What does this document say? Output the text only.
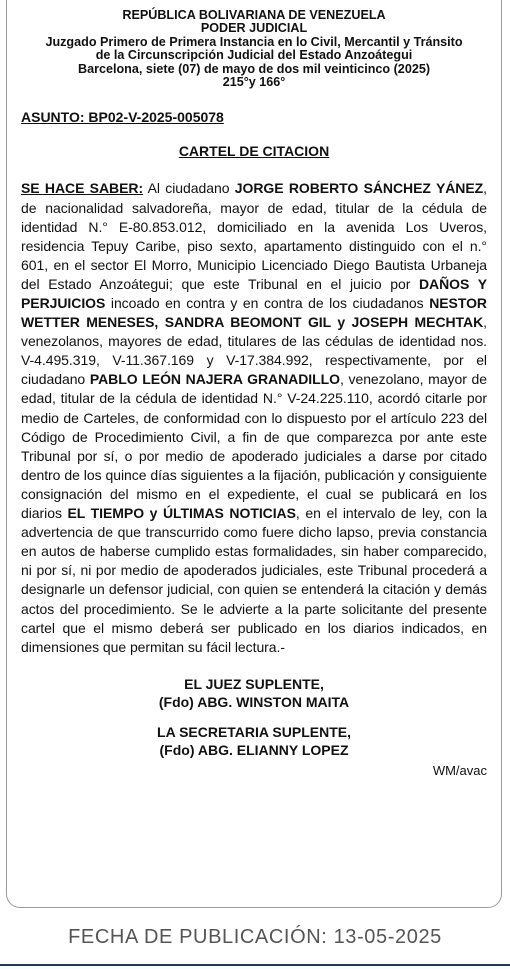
REPÚBLICA BOLIVARIANA DE VENEZUELA
PODER JUDICIAL
Juzgado Primero de Primera Instancia en lo Civil, Mercantil y Tránsito
de la Circunscripción Judicial del Estado Anzoátegui
Barcelona, siete (07) de mayo de dos mil veinticinco (2025)
215°y 166°
ASUNTO: BP02-V-2025-005078
CARTEL DE CITACION
SE HACE SABER: Al ciudadano JORGE ROBERTO SÁNCHEZ YÁNEZ, de nacionalidad salvadoreña, mayor de edad, titular de la cédula de identidad N.° E-80.853.012, domiciliado en la avenida Los Uveros, residencia Tepuy Caribe, piso sexto, apartamento distinguido con el n.° 601, en el sector El Morro, Municipio Licenciado Diego Bautista Urbaneja del Estado Anzoátegui; que este Tribunal en el juicio por DAÑOS Y PERJUICIOS incoado en contra y en contra de los ciudadanos NESTOR WETTER MENESES, SANDRA BEOMONT GIL y JOSEPH MECHTAK, venezolanos, mayores de edad, titulares de las cédulas de identidad nos. V-4.495.319, V-11.367.169 y V-17.384.992, respectivamente, por el ciudadano PABLO LEÓN NAJERA GRANADILLO, venezolano, mayor de edad, titular de la cédula de identidad N.° V-24.225.110, acordó citarle por medio de Carteles, de conformidad con lo dispuesto por el artículo 223 del Código de Procedimiento Civil, a fin de que comparezca por ante este Tribunal por sí, o por medio de apoderado judiciales a darse por citado dentro de los quince días siguientes a la fijación, publicación y consiguiente consignación del mismo en el expediente, el cual se publicará en los diarios EL TIEMPO y ÚLTIMAS NOTICIAS, en el intervalo de ley, con la advertencia de que transcurrido como fuere dicho lapso, previa constancia en autos de haberse cumplido estas formalidades, sin haber comparecido, ni por sí, ni por medio de apoderados judiciales, este Tribunal procederá a designarle un defensor judicial, con quien se entenderá la citación y demás actos del procedimiento. Se le advierte a la parte solicitante del presente cartel que el mismo deberá ser publicado en los diarios indicados, en dimensiones que permitan su fácil lectura.-
EL JUEZ SUPLENTE,
(Fdo) ABG. WINSTON MAITA
LA SECRETARIA SUPLENTE,
(Fdo) ABG. ELIANNY LOPEZ
WM/avac
FECHA DE PUBLICACIÓN: 13-05-2025
